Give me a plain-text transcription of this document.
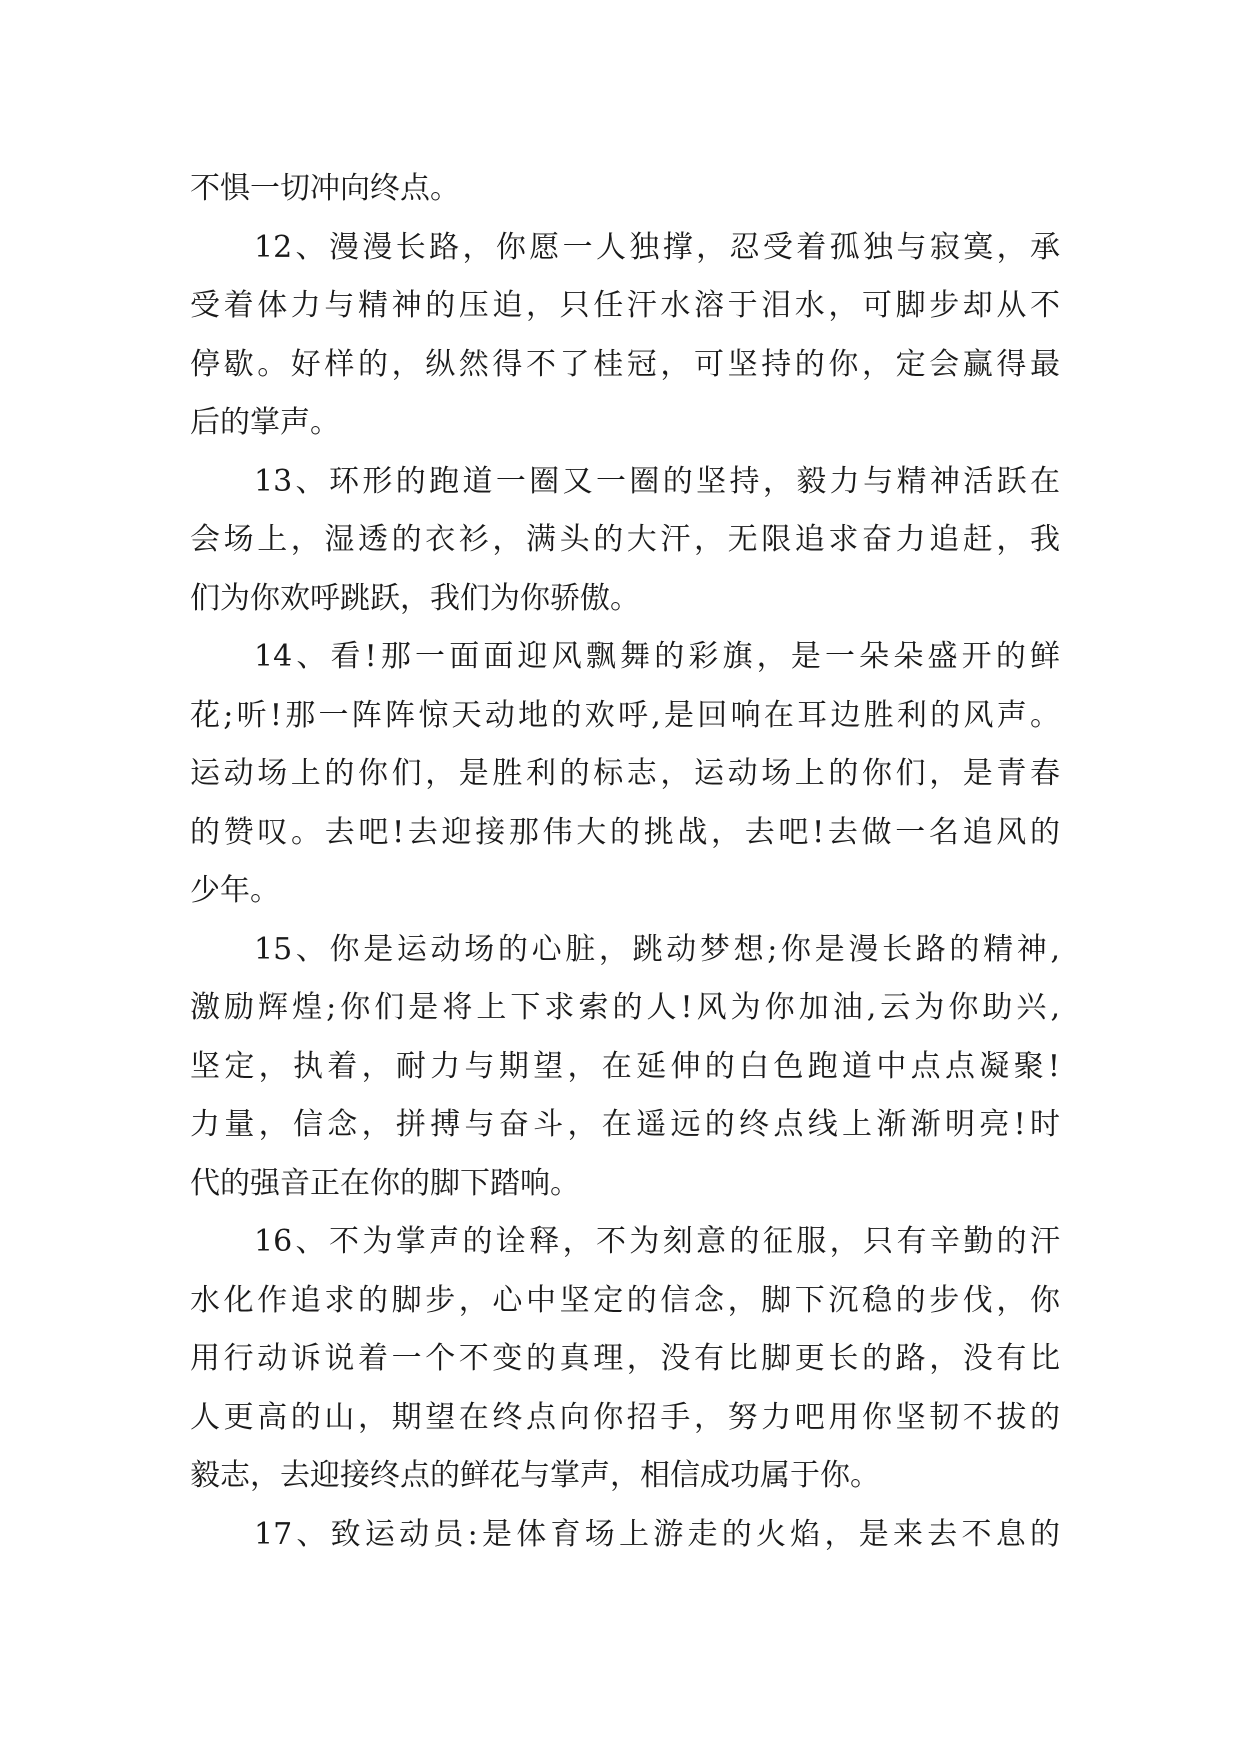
不惧一切冲向终点。
12、漫漫长路，你愿一人独撑，忍受着孤独与寂寞，承
受着体力与精神的压迫，只任汗水溶于泪水，可脚步却从不
停歇。好样的，纵然得不了桂冠，可坚持的你，定会赢得最
后的掌声。
13、环形的跑道一圈又一圈的坚持，毅力与精神活跃在
会场上，湿透的衣衫，满头的大汗，无限追求奋力追赶，我
们为你欢呼跳跃，我们为你骄傲。
14、看!那一面面迎风飘舞的彩旗，是一朵朵盛开的鲜
花;听!那一阵阵惊天动地的欢呼,是回响在耳边胜利的风声。
运动场上的你们，是胜利的标志，运动场上的你们，是青春
的赞叹。去吧!去迎接那伟大的挑战，去吧!去做一名追风的
少年。
15、你是运动场的心脏，跳动梦想;你是漫长路的精神,
激励辉煌;你们是将上下求索的人!风为你加油,云为你助兴,
坚定，执着，耐力与期望，在延伸的白色跑道中点点凝聚!
力量，信念，拼搏与奋斗，在遥远的终点线上渐渐明亮!时
代的强音正在你的脚下踏响。
16、不为掌声的诠释，不为刻意的征服，只有辛勤的汗
水化作追求的脚步，心中坚定的信念，脚下沉稳的步伐，你
用行动诉说着一个不变的真理，没有比脚更长的路，没有比
人更高的山，期望在终点向你招手，努力吧用你坚韧不拔的
毅志，去迎接终点的鲜花与掌声，相信成功属于你。
17、致运动员:是体育场上游走的火焰，是来去不息的
